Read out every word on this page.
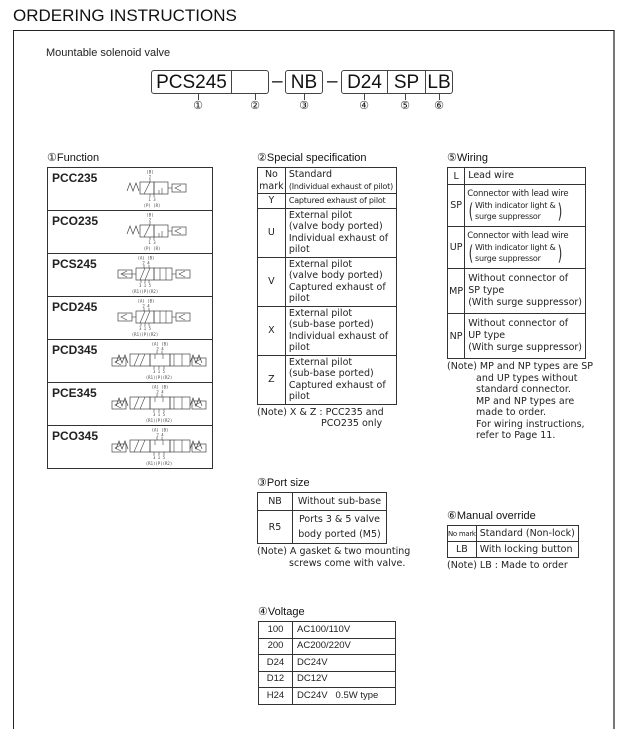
ORDERING INSTRUCTIONS
Mountable solenoid valve
PCS245 – NB – D24 SP LB
①	②	③	④	⑤ ⑥
①Function
PCC235	(B)
2
1 3
(P) (R)

PCO235	(B)
2
1 3
(P) (R)

PCS245	(A) (B)
2 4
3 1 5
(R1)(P)(R2)

PCD245	(A) (B)
2 4
3 1 5
(R1)(P)(R2)

PCD345	(A) (B)
2 4
3 1 5
(R1)(P)(R2)

PCE345	(A) (B)
2 4
3 1 5
(R1)(P)(R2)

PCO345	(A) (B)
2 4
3 1 5
(R1)(P)(R2)
②Special specification
No mark	Standard
(Individual exhaust of pilot)

Y	Captured exhaust of pilot

U	External pilot
(valve body ported)
Individual exhaust of
pilot

V	External pilot
(valve body ported)
Captured exhaust of
pilot

X	External pilot
(sub-base ported)
Individual exhaust of
pilot

Z	External pilot
(sub-base ported)
Captured exhaust of
pilot
(Note) X & Z : PCC235 and
PCO235 only
③Port size
NB	Without sub-base

R5	Ports 3 & 5 valve
body ported (M5)
(Note) A gasket & two mounting
screws come with valve.
④Voltage
100	AC100/110V
200	AC200/220V
D24	DC24V
D12	DC12V
H24	DC24V   0.5W type
⑤Wiring
L	Lead wire

SP	Connector with lead wire
( With indicator light &
surge suppressor )

UP	Connector with lead wire
( With indicator light &
surge suppressor )

MP	Without connector of
SP type
(With surge suppressor)

NP	Without connector of
UP type
(With surge suppressor)
(Note) MP and NP types are SP
and UP types without
standard connector.
MP and NP types are
made to order.
For wiring instructions,
refer to Page 11.
⑥Manual override
No mark	Standard (Non-lock)
LB	With locking button
(Note) LB : Made to order
